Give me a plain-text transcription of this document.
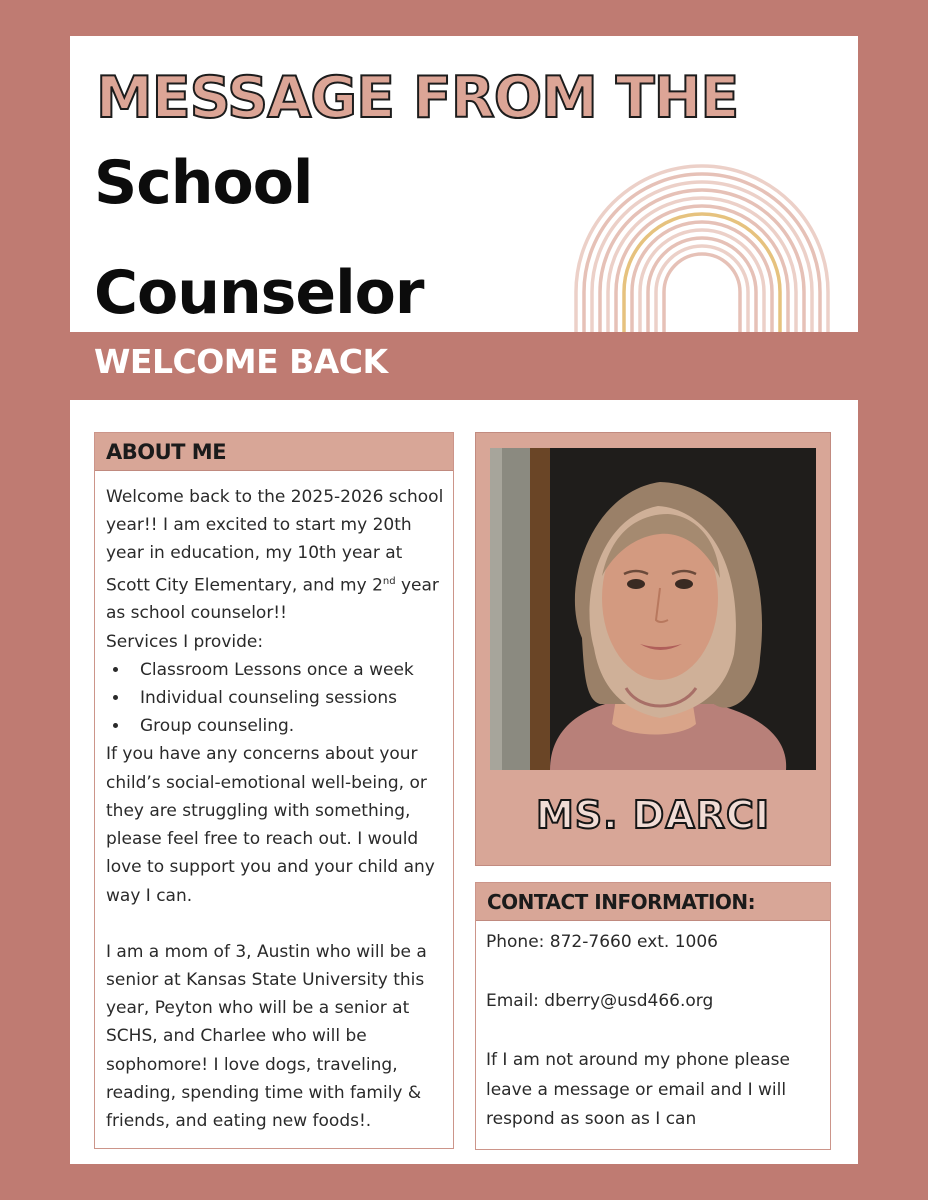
MESSAGE FROM THE
School
Counselor
WELCOME BACK
ABOUT ME

Welcome back to the 2025-2026 school year!! I am excited to start my 20th year in education, my 10th year at Scott City Elementary, and my 2nd year as school counselor!!

Services I provide:

• Classroom Lessons once a week
• Individual counseling sessions
• Group counseling.

If you have any concerns about your child’s social-emotional well-being, or they are struggling with something, please feel free to reach out. I would love to support you and your child any way I can.

I am a mom of 3, Austin who will be a senior at Kansas State University this year, Peyton who will be a senior at SCHS, and Charlee who will be sophomore! I love dogs, traveling, reading, spending time with family & friends, and eating new foods!.

MS. DARCI
CONTACT INFORMATION:

Phone: 872-7660 ext. 1006

Email: dberry@usd466.org

If I am not around my phone please leave a message or email and I will respond as soon as I can
